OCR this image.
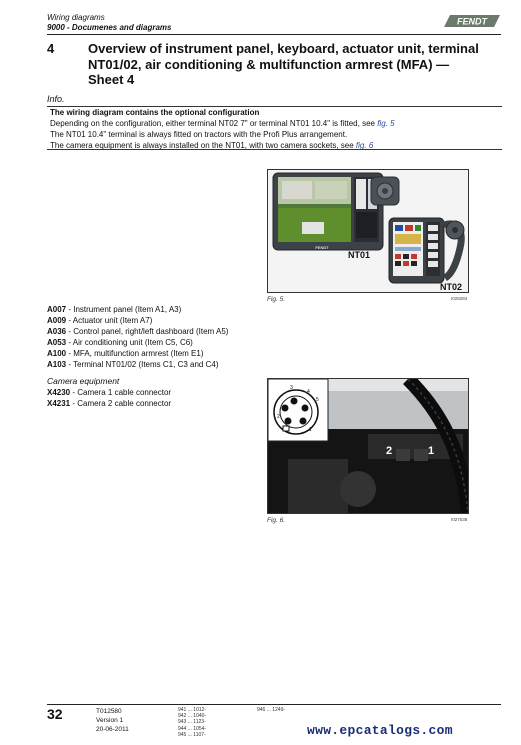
Wiring diagrams
9000 - Documenes and diagrams
FENDT
4	Overview of instrument panel, keyboard, actuator unit, terminal NT01/02, air conditioning & multifunction armrest (MFA) — Sheet 4
Info.
The wiring diagram contains the optional configuration
Depending on the configuration, either terminal NT02 7" or terminal NT01 10.4" is fitted, see fig. 5
The NT01 10.4" terminal is always fitted on tractors with the Profi Plus arrangement.
The camera equipment is always installed on the NT01, with two camera sockets, see fig. 6
FENDT
NT01
NT02
Fig. 5.	I028284
A007 - Instrument panel (Item A1, A3)
A009 - Actuator unit (Item A7)
A036 - Control panel, right/left dashboard (Item A5)
A053 - Air conditioning unit (Item C5, C6)
A100 - MFA, multifunction armrest (Item E1)
A103 - Terminal NT01/02 (Items C1, C3 and C4)
Camera equipment
X4230 - Camera 1 cable connector
X4231 - Camera 2 cable connector
3
4
5
2
1
2	1
Fig. 6.	I027538
32	T012580
Version 1
20-06-2011
941 ... 1012-
942 ... 1040-
943 ... 1123-
944 ... 1054-
945 ... 1107-
946 ... 1249-
www.epcatalogs.com
